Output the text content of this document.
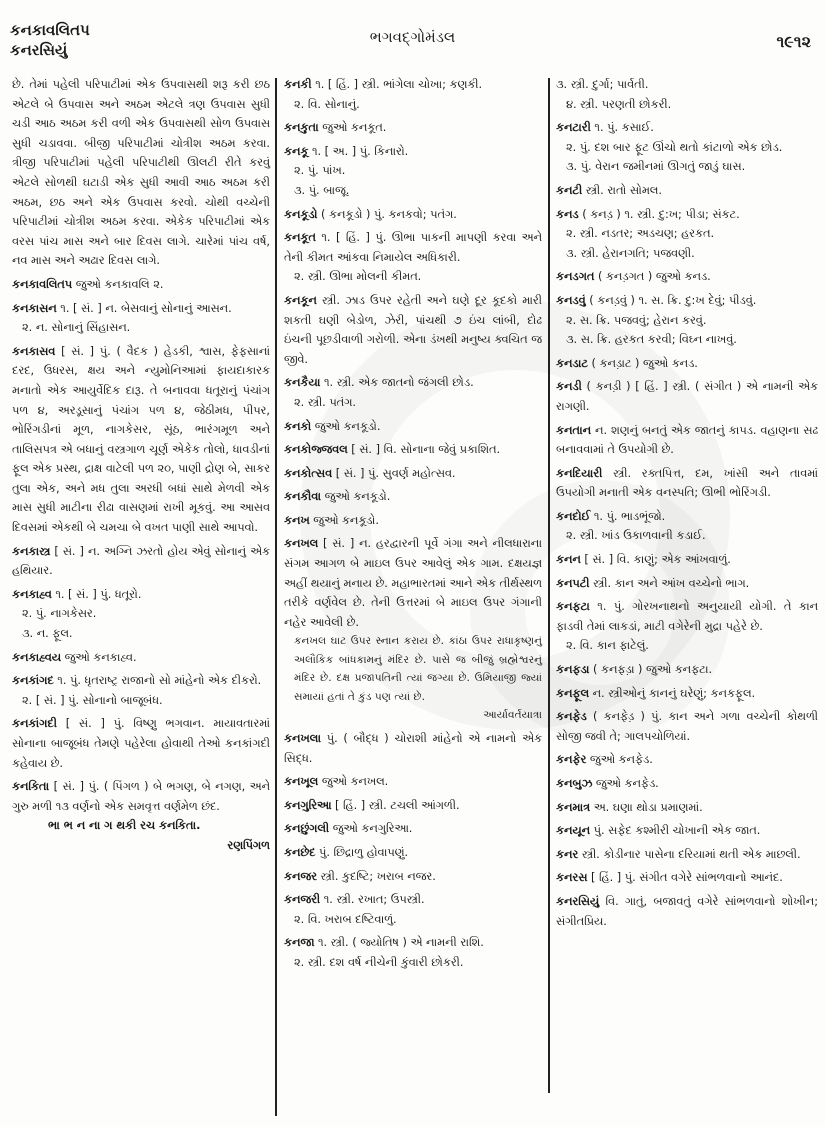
કનકાવલિતપ
કનરસિયું
ભગવદ્ગોમંડલ	૧૯૧૨
છે. તેમાં પહેલી પરિપાટીમાં એક ઉપવાસથી શરૂ કરી છઠ એટલે બે ઉપવાસ અને અઠમ એટલે ત્રણ ઉપવાસ સુધી ચડી આઠ અઠમ કરી વળી એક ઉપવાસથી સોળ ઉપવાસ સુધી ચડાવવા. બીજી પરિપાટીમાં ચોત્રીશ અઠમ કરવા. ત્રીજી પરિપાટીમાં પહેલી પરિપાટીથી ઊલટી રીતે કરવું એટલે સોળથી ઘટાડી એક સુધી આવી આઠ અઠમ કરી અઠમ, છઠ અને એક ઉપવાસ કરવો. ચોથી વચ્ચેની પરિપાટીમાં ચોત્રીશ અઠમ કરવા. એકેક પરિપાટીમાં એક વરસ પાંચ માસ અને બાર દિવસ લાગે. ચારેમાં પાંચ વર્ષ, નવ માસ અને અઢાર દિવસ લાગે.
કનકાવલિતપ જુઓ કનકાવલિ ૨.
કનકાસન ૧. [ સં. ] ન. બેસવાનું સોનાનું આસન.
૨. ન. સોનાનું સિંહાસન.
કનકાસવ [ સં. ] પું. ( વૈદક ) હેડકી, શ્વાસ, ફેફસાનાં દરદ, ઉધરસ, ક્ષય અને ન્યુમોનિઆમાં ફાયદાકારક મનાતો એક આયુર્વેદિક દારૂ. તે બનાવવા ધતૂરાનું પંચાંગ પળ ૪, અરડૂસાનું પંચાંગ પળ ૪, જેઠીમધ, પીપર, ભોરિંગડીનાં મૂળ, નાગકેસર, સૂંઠ, ભારંગમૂળ અને તાલિસપત્ર એ બધાનું વસ્ત્રગાળ ચૂર્ણ એકેક તોલો, ધાવડીનાં ફૂલ એક પ્રસ્થ, દ્રાક્ષ વાટેલી પળ ૨૦, પાણી દ્રોણ બે, સાકર તુલા એક, અને મધ તુલા અરધી બધાં સાથે મેળવી એક માસ સુધી માટીના રીઢા વાસણમાં રાખી મૂકવું. આ આસવ દિવસમાં એકથી બે ચમચા બે વખત પાણી સાથે આપવો.
કનકાસ્ત્ર [ સં. ] ન. અગ્નિ ઝરતો હોય એવું સોનાનું એક હથિયાર.
કનકાહ્વ ૧. [ સં. ] પું. ધતૂરો.
૨. પું. નાગકેસર.
૩. ન. ફૂલ.
કનકાહ્વય જુઓ કનકાહ્વ.
કનકાંગદ ૧. પું. ધૃતરાષ્ટ્ર રાજાનો સો માંહેનો એક દીકરો.
૨. [ સં. ] પું. સોનાનો બાજૂબંધ.
કનકાંગદી [ સં. ] પું. વિષ્ણુ ભગવાન. માયાવતારમાં સોનાના બાજૂબંધ તેમણે પહેરેલા હોવાથી તેઓ કનકાંગદી કહેવાય છે.
કનકિતા [ સં. ] પું. ( પિંગળ ) બે ભગણ, બે નગણ, અને ગુરુ મળી ૧૩ વર્ણનો એક સમવૃત્ત વર્ણમેળ છંદ.
ભા ભ ન ના ગ થકી રચ કનકિતા.
રણપિંગળ
કનકી ૧. [ હિં. ] સ્ત્રી. ભાંગેલા ચોખા; કણકી.
૨. વિ. સોનાનું.
કનકુતા જુઓ કનકૂત.
કનકૂ ૧. [ અ. ] પું. કિનારો.
૨. પું. પાંખ.
૩. પું. બાજૂ.
કનકૂડો ( કનકૂડો ) પું. કનકવો; પતંગ.
કનકૂત ૧. [ હિં. ] પું. ઊભા પાકની માપણી કરવા અને તેની કીમત આંકવા નિમાયેલ અધિકારી.
૨. સ્ત્રી. ઊભા મોલની કીમત.
કનકૂન સ્ત્રી. ઝાડ ઉપર રહેતી અને ઘણે દૂર કૂદકો મારી શકતી ઘણી બેડોળ, ઝેરી, પાંચથી ૭ ઇંચ લાંબી, દોઢ ઇંચની પૂછડીવાળી ગરોળી. એના ડંખથી મનુષ્ય ક્વચિત જ જીવે.
કનકૈયા ૧. સ્ત્રી. એક જાતનો જંગલી છોડ.
૨. સ્ત્રી. પતંગ.
કનકો જુઓ કનકૂડો.
કનકોજ્જવલ [ સં. ] વિ. સોનાના જેવું પ્રકાશિત.
કનકોત્સવ [ સં. ] પું. સુવર્ણ મહોત્સવ.
કનકૌવા જુઓ કનકૂડો.
કનખ જુઓ કનકૂડો.
કનખલ [ સં. ] ન. હરદ્વારની પૂર્વે ગંગા અને નીલધારાના સંગમ આગળ બે માઇલ ઉપર આવેલું એક ગામ. દક્ષયજ્ઞ અહીં થયાનું મનાય છે. મહાભારતમાં આને એક તીર્થસ્થળ તરીકે વર્ણવેલ છે. તેની ઉત્તરમાં બે માઇલ ઉપર ગંગાની નહેર આવેલી છે.
કનખલ ઘાટ ઉપર સ્નાન કરાય છે. કાંઠા ઉપર રાધાકૃષ્ણનું અલૌકિક બાંધકામનું મંદિર છે. પાસે જ બીજું બ્રહ્મેશ્વરનું મંદિર છે. દક્ષ પ્રજાપતિની ત્યાં જગ્યા છે. ઉમિયાજી જ્યાં સમાયાં હતાં તે કુંડ પણ ત્યાં છે.
આર્યાવર્તયાત્રા
કનખલા પું. ( બૌદ્ધ ) ચોરાશી માંહેનો એ નામનો એક સિદ્ધ.
કનખૂલ જુઓ કનખલ.
કનગુરિઆ [ હિં. ] સ્ત્રી. ટચલી આંગળી.
કનછુંગલી જુઓ કનગુરિઆ.
કનછેદ પું. છિદ્રાળુ હોવાપણું.
કનજર સ્ત્રી. કુદષ્ટિ; ખરાબ નજર.
કનજરી ૧. સ્ત્રી. રખાત; ઉપસ્ત્રી.
૨. વિ. ખરાબ દષ્ટિવાળું.
કનજા ૧. સ્ત્રી. ( જ્યોતિષ ) એ નામની રાશિ.
૨. સ્ત્રી. દશ વર્ષ નીચેની કુંવારી છોકરી.
૩. સ્ત્રી. દુર્ગા; પાર્વતી.
૪. સ્ત્રી. પરણતી છોકરી.
કનટારી ૧. પું. કસાઈ.
૨. પું. દશ બાર ફૂટ ઊંચો થતો કાંટાળો એક છોડ.
૩. પું. વેરાન જમીનમાં ઊગતું જાડું ઘાસ.
કનટી સ્ત્રી. રાતો સોમલ.
કનડ ( કનડ઼ ) ૧. સ્ત્રી. દુ:ખ; પીડા; સંકટ.
૨. સ્ત્રી. નડતર; અડચણ; હરકત.
૩. સ્ત્રી. હેરાનગતિ; પજવણી.
કનડગત ( કનડ઼ગત ) જુઓ કનડ.
કનડવું ( કનડ઼વું ) ૧. સ. ક્રિ. દુ:ખ દેવું; પીડવું.
૨. સ. ક્રિ. પજવવું; હેરાન કરવું.
૩. સ. ક્રિ. હરકત કરવી; વિઘ્ન નાખવું.
કનડાટ ( કનડ઼ાટ ) જુઓ કનડ.
કનડી ( કનડ઼ી ) [ હિં. ] સ્ત્રી. ( સંગીત ) એ નામની એક રાગણી.
કનતાન ન. શણનું બનતું એક જાતનું કાપડ. વહાણના સઢ બનાવવામાં તે ઉપયોગી છે.
કનદિયારી સ્ત્રી. રક્તપિત્ત, દમ, ખાંસી અને તાવમાં ઉપયોગી મનાતી એક વનસ્પતિ; ઊભી ભોરિંગડી.
કનદોઈ ૧. પું. ભાડભૂંજો.
૨. સ્ત્રી. ખાંડ ઉકાળવાની કડાઈ.
કનન [ સં. ] વિ. કાણું; એક આંખવાળું.
કનપટી સ્ત્રી. કાન અને આંખ વચ્ચેનો ભાગ.
કનફટા ૧. પું. ગોરખનાથનો અનુયાયી યોગી. તે કાન ફાડવી તેમાં લાકડાં, માટી વગેરેની મુદ્રા પહેરે છે.
૨. વિ. કાન ફાટેલું.
કનફડા ( કનફડ઼ા ) જુઓ કનફટા.
કનફૂલ ન. સ્ત્રીઓનું કાનનું ઘરેણું; કનકફૂલ.
કનફેડ ( કનફેડ઼ ) પું. કાન અને ગળા વચ્ચેની કોથળી સોજી જવી તે; ગાલપચોળિયાં.
કનફેર જુઓ કનફેડ.
કનબુઝ જુઓ કનફેડ.
કનમાત્ર અ. ઘણા થોડા પ્રમાણમાં.
કનયૂન પું. સફેદ કશ્મીરી ચોખાની એક જાત.
કનર સ્ત્રી. કોડીનાર પાસેના દરિયામાં થતી એક માછલી.
કનરસ [ હિં. ] પું. સંગીત વગેરે સાંભળવાનો આનંદ.
કનરસિયું વિ. ગાતું, બજાવતું વગેરે સાંભળવાનો શોખીન; સંગીતપ્રિય.
